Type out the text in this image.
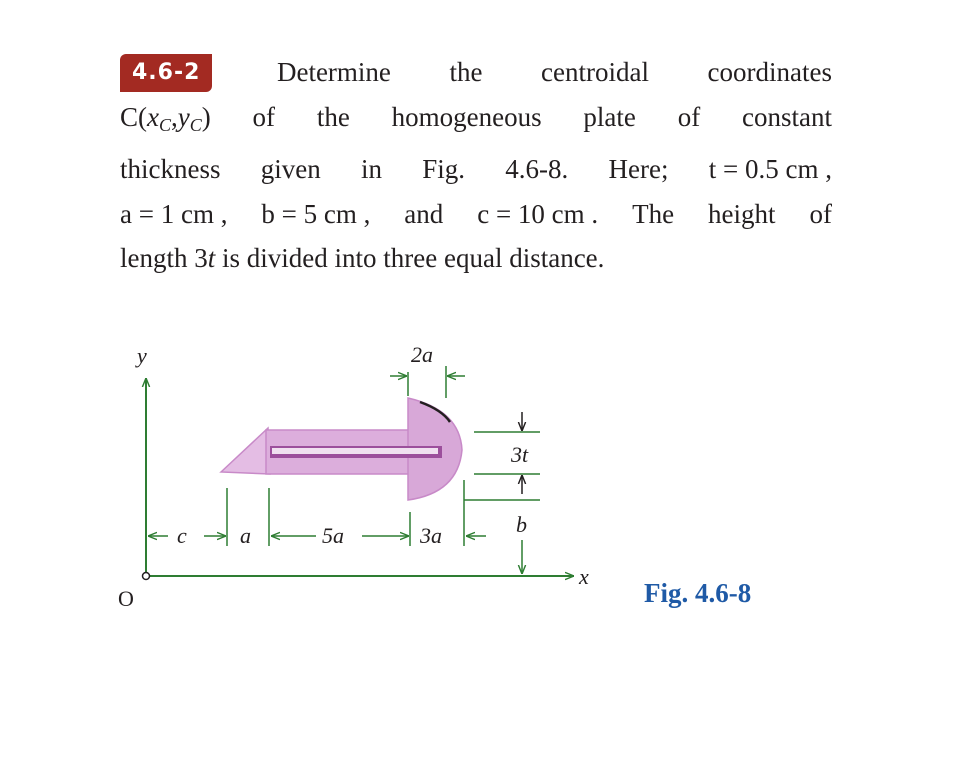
4.6-2	Determine the centroidal coordinates
$C(x_C,y_C)$ of the homogeneous plate of constant
thickness given in Fig. 4.6-8. Here; t = 0.5 cm ,
a = 1 cm , b = 5 cm , and c = 10 cm . The height of
length 3t is divided into three equal distance.
y
x
O
2a
3t
b
c a	5a	3a
Fig. 4.6-8
